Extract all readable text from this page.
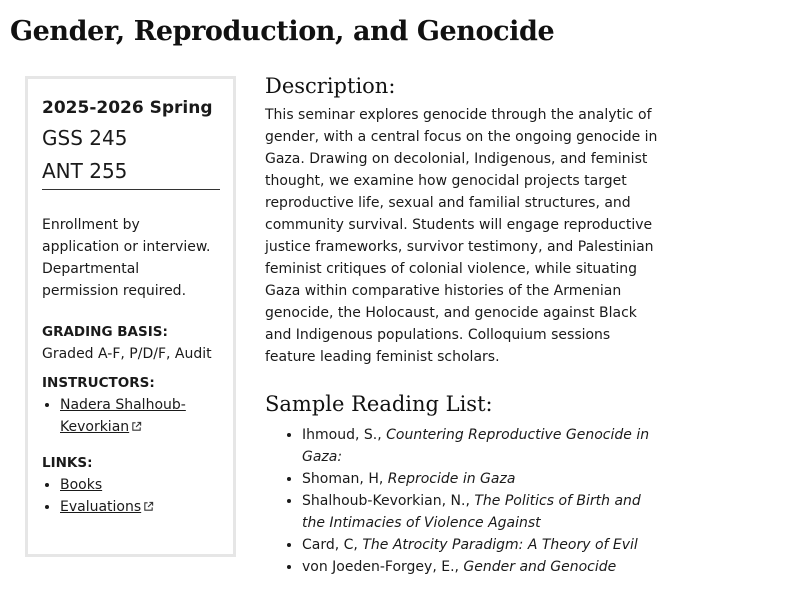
Gender, Reproduction, and Genocide
2025-2026 Spring
GSS 245
ANT 255
Enrollment by application or interview. Departmental permission required.
GRADING BASIS:
Graded A-F, P/D/F, Audit
INSTRUCTORS:
• Nadera Shalhoub-Kevorkian
LINKS:
• Books
• Evaluations
Description:

This seminar explores genocide through the analytic of gender, with a central focus on the ongoing genocide in Gaza. Drawing on decolonial, Indigenous, and feminist thought, we examine how genocidal projects target reproductive life, sexual and familial structures, and community survival. Students will engage reproductive justice frameworks, survivor testimony, and Palestinian feminist critiques of colonial violence, while situating Gaza within comparative histories of the Armenian genocide, the Holocaust, and genocide against Black and Indigenous populations. Colloquium sessions feature leading feminist scholars.

Sample Reading List:
• Ihmoud, S., Countering Reproductive Genocide in Gaza:
• Shoman, H, Reprocide in Gaza
• Shalhoub-Kevorkian, N., The Politics of Birth and the Intimacies of Violence Against
• Card, C, The Atrocity Paradigm: A Theory of Evil
• von Joeden-Forgey, E., Gender and Genocide
